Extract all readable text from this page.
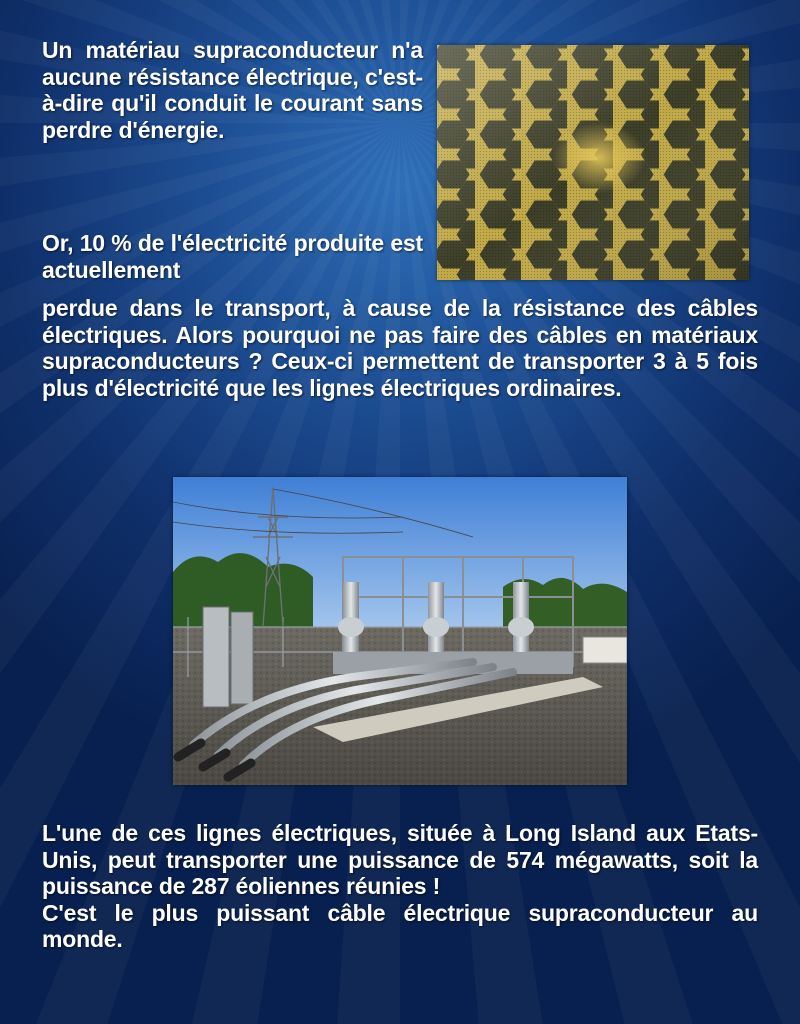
Un matériau supraconducteur n'a aucune résistance électrique, c'est-à-dire qu'il conduit le courant sans perdre d'énergie.

Or, 10 % de l'électricité produite est actuellement

perdue dans le transport, à cause de la résistance des câbles électriques. Alors pourquoi ne pas faire des câbles en matériaux supraconducteurs ? Ceux-ci permettent de transporter 3 à 5 fois plus d'électricité que les lignes électriques ordinaires.

L'une de ces lignes électriques, située à Long Island aux Etats-Unis, peut transporter une puissance de 574 mégawatts, soit la puissance de 287 éoliennes réunies !
C'est le plus puissant câble électrique supraconducteur au monde.
